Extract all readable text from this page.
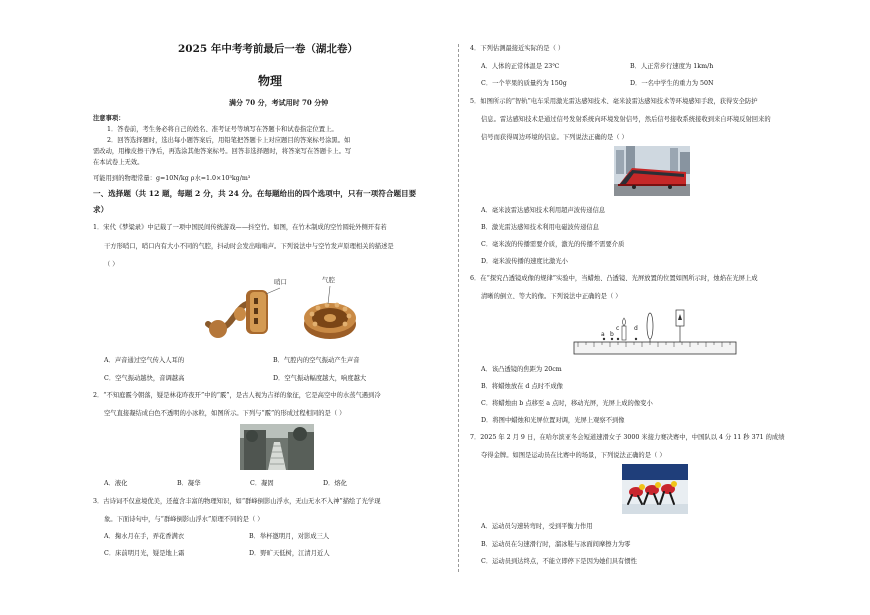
2025 年中考考前最后一卷（湖北卷）
物理
满分 70 分，考试用时 70 分钟
注意事项：
1．答卷前，考生务必将自己的姓名、准考证号等填写在答题卡和试卷指定位置上。
2．回答选择题时，选出每小题答案后，用铅笔把答题卡上对应题目的答案标号涂黑。如
需改动，用橡皮擦干净后，再选涂其他答案标号。回答非选择题时，将答案写在答题卡上。写
在本试卷上无效。
可能用到的物理常量：g=10N/kg ρ水=1.0×10³kg/m³
一、选择题（共 12 题，每题 2 分，共 24 分。在每题给出的四个选项中，只有一项符合题目要
求）
1．宋代《梦粱录》中记载了一项中国民间传统游戏——抖空竹。如图，在竹木制成的空竹圆轮外侧开有若
干方形哨口，哨口内有大小不同的气腔，抖动时会发出嗡嗡声。下列说法中与空竹发声原理相关的描述是
（ ）
哨口	气腔
A．声音通过空气传入人耳的	B．气腔内的空气振动产生声音
C．空气振动越快，音调越高	D．空气振动幅度越大，响度越大
2．“不知庭霰今朝落，疑是林花昨夜开”中的“霰”，是古人视为吉祥的象征，它是高空中的水蒸气遇到冷
空气直接凝结成白色不透明的小冰粒，如图所示。下列与“霰”的形成过程相同的是（ ）
A．液化	B．凝华	C．凝固	D．熔化
3．古诗词不仅意境优美，还蕴含丰富的物理知识，如“群峰倒影山浮水，无山无水不入神”描绘了光学现
象。下面诗句中，与“群峰倒影山浮水”原理不同的是（ ）
A．掬水月在手，弄花香满衣	B．举杯邀明月，对影成三人
C．床前明月光，疑是地上霜	D．野旷天低树，江清月近人
4．下列估测最接近实际的是（ ）
A．人体的正常体温是 23℃	B．人正常步行速度为 1km/h
C．一个苹果的质量约为 150g	D．一名中学生的重力为 50N
5．如图所示的“智轨”电车采用激光雷达感知技术、毫米波雷达感知技术等环境感知手段，获得安全防护
信息。雷达感知技术是通过信号发射系统向环境发射信号，然后信号接收系统接收到来自环境反射回来的
信号而获得周边环境的信息。下列说法正确的是（ ）
A．毫米波雷达感知技术利用超声波传递信息
B．激光雷达感知技术利用电磁波传递信息
C．毫米波的传播需要介质，激光的传播不需要介质
D．毫米波传播的速度比激光小
6．在“探究凸透镜成像的规律”实验中，当蜡烛、凸透镜、光屏放置的位置如图所示时，烛焰在光屏上成
清晰的倒立、等大的像。下列说法中正确的是（ ）
a b
c d
A．该凸透镜的焦距为 20cm
B．将蜡烛放在 d 点时不成像
C．将蜡烛由 b 点移至 a 点时，移动光屏，光屏上成的像变小
D．将图中蜡烛和光屏位置对调，光屏上观察不到像
7．2025 年 2 月 9 日，在哈尔滨亚冬会短道速滑女子 3000 米接力赛决赛中，中国队以 4 分 11 秒 371 的成绩
夺得金牌。如图是运动员在比赛中的场景，下列说法正确的是（ ）
A．运动员匀速转弯时，受到平衡力作用
B．运动员在匀速滑行时，溜冰鞋与冰面间摩擦力为零
C．运动员到达终点，不能立即停下是因为她们具有惯性
